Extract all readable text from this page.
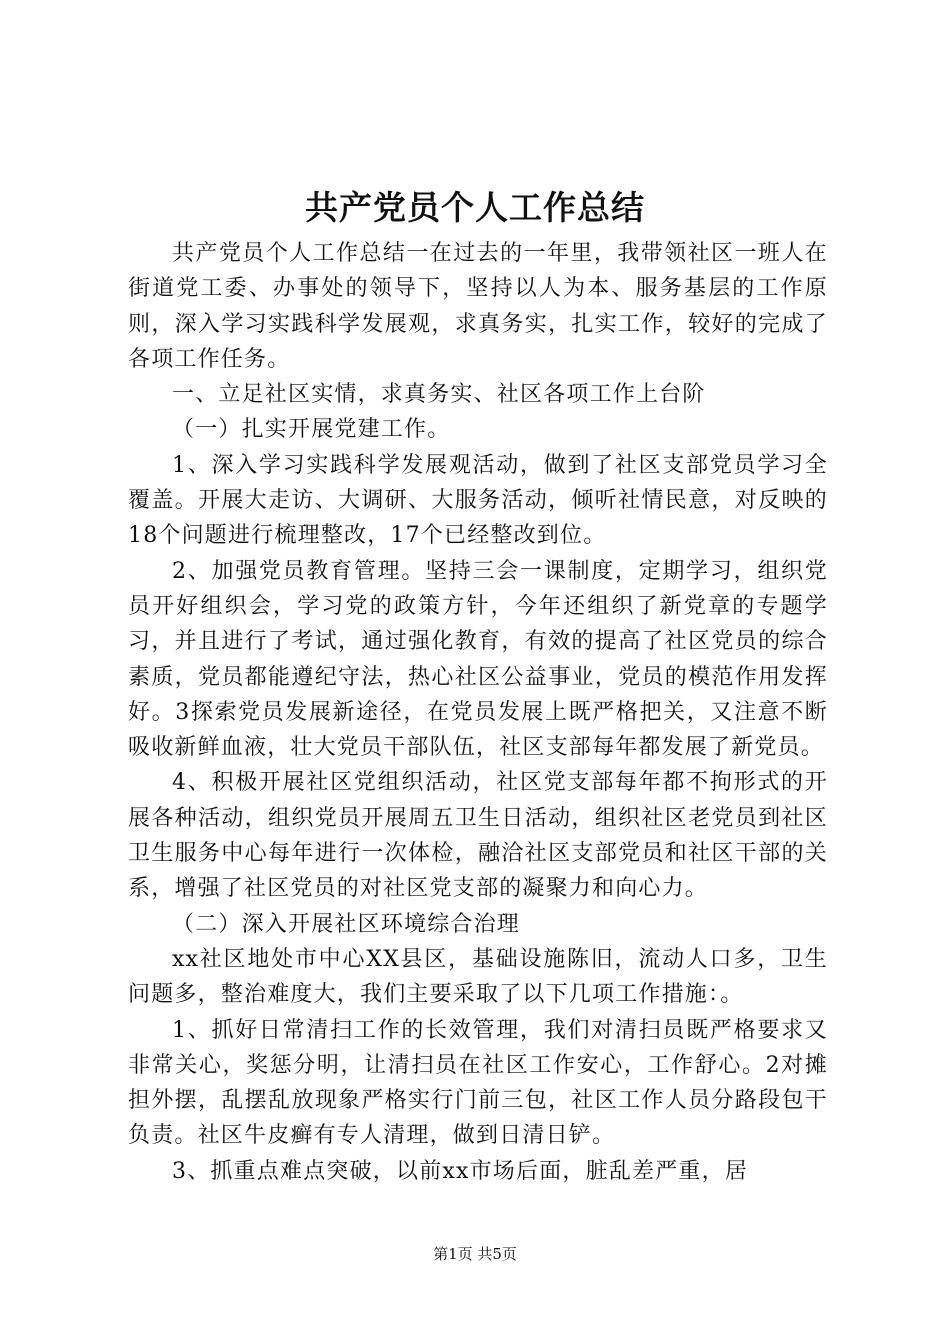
共产党员个人工作总结

共产党员个人工作总结一在过去的一年里，我带领社区一班人在街道党工委、办事处的领导下，坚持以人为本、服务基层的工作原则，深入学习实践科学发展观，求真务实，扎实工作，较好的完成了各项工作任务。

一、立足社区实情，求真务实、社区各项工作上台阶

（一）扎实开展党建工作。

1、深入学习实践科学发展观活动，做到了社区支部党员学习全覆盖。开展大走访、大调研、大服务活动，倾听社情民意，对反映的18个问题进行梳理整改，17个已经整改到位。

2、加强党员教育管理。坚持三会一课制度，定期学习，组织党员开好组织会，学习党的政策方针，今年还组织了新党章的专题学习，并且进行了考试，通过强化教育，有效的提高了社区党员的综合素质，党员都能遵纪守法，热心社区公益事业，党员的模范作用发挥好。3探索党员发展新途径，在党员发展上既严格把关，又注意不断吸收新鲜血液，壮大党员干部队伍，社区支部每年都发展了新党员。

4、积极开展社区党组织活动，社区党支部每年都不拘形式的开展各种活动，组织党员开展周五卫生日活动，组织社区老党员到社区卫生服务中心每年进行一次体检，融洽社区支部党员和社区干部的关系，增强了社区党员的对社区党支部的凝聚力和向心力。

（二）深入开展社区环境综合治理

xx社区地处市中心XX县区，基础设施陈旧，流动人口多，卫生问题多，整治难度大，我们主要采取了以下几项工作措施：。

1、抓好日常清扫工作的长效管理，我们对清扫员既严格要求又非常关心，奖惩分明，让清扫员在社区工作安心，工作舒心。2对摊担外摆，乱摆乱放现象严格实行门前三包，社区工作人员分路段包干负责。社区牛皮癣有专人清理，做到日清日铲。

3、抓重点难点突破，以前xx市场后面，脏乱差严重，居

第1页 共5页
